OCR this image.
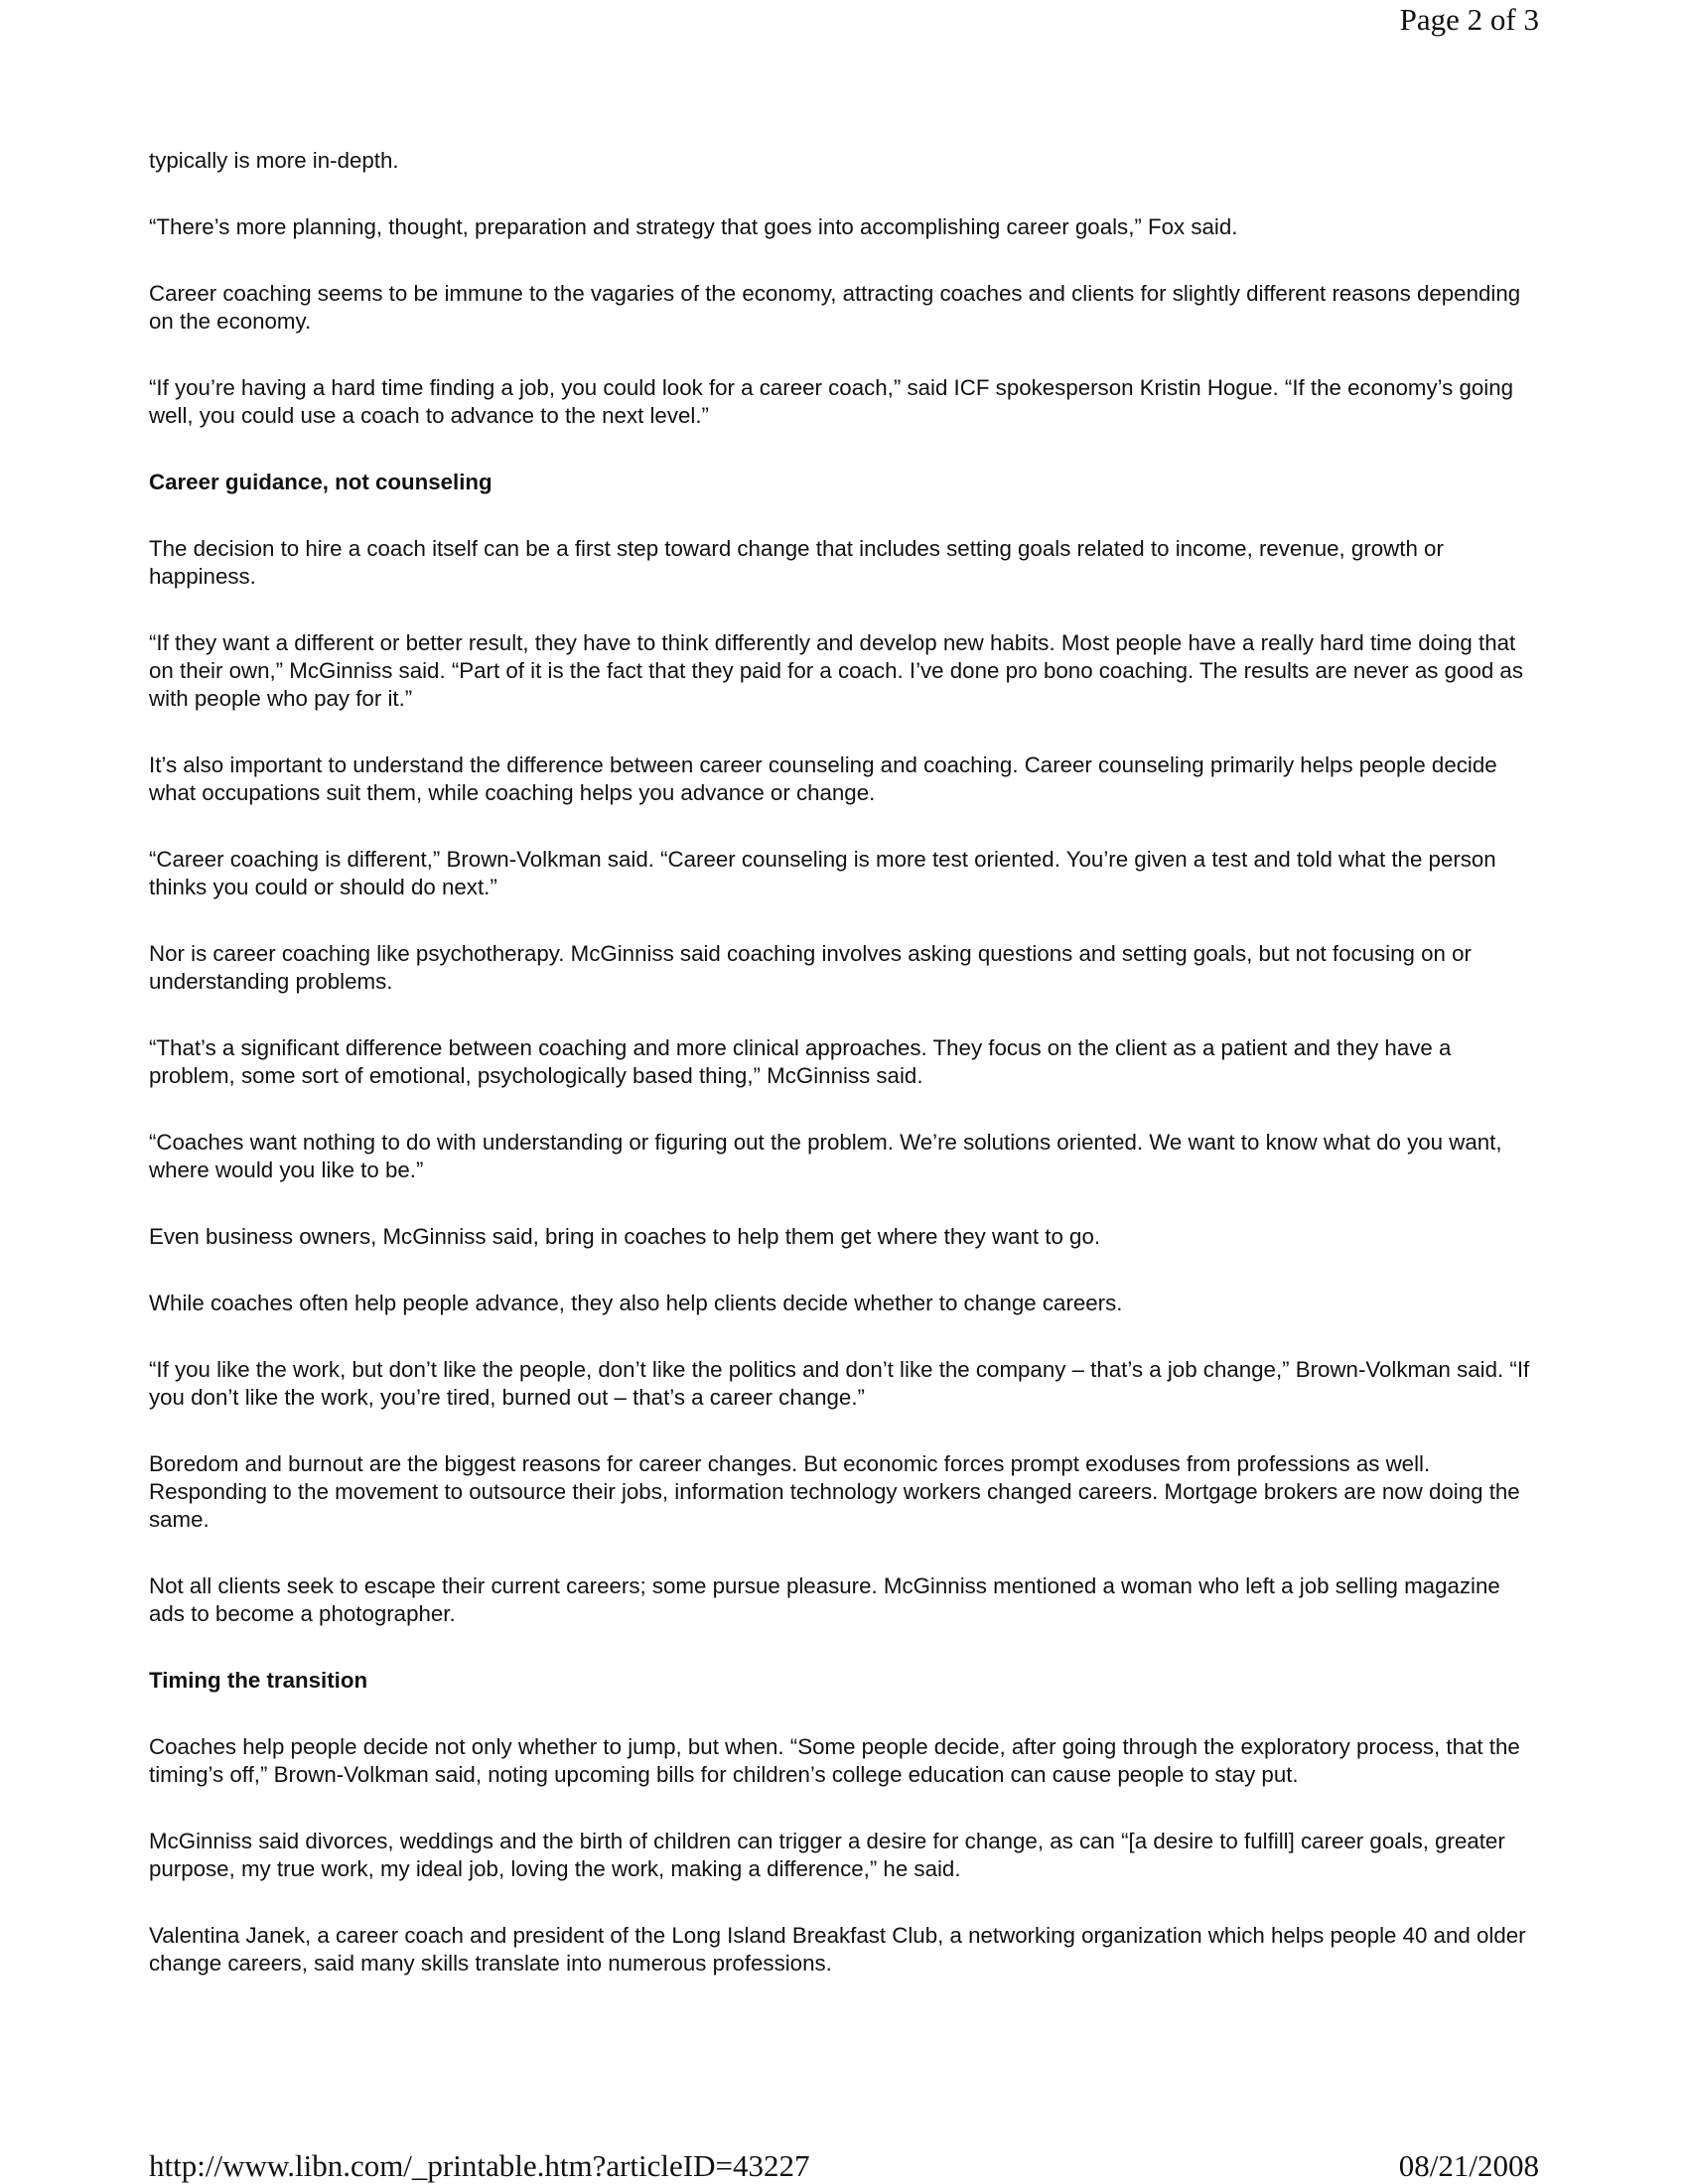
Page 2 of 3

typically is more in-depth.

“There’s more planning, thought, preparation and strategy that goes into accomplishing career goals,” Fox said.

Career coaching seems to be immune to the vagaries of the economy, attracting coaches and clients for slightly different reasons depending on the economy.

“If you’re having a hard time finding a job, you could look for a career coach,” said ICF spokesperson Kristin Hogue. “If the economy’s going well, you could use a coach to advance to the next level.”

Career guidance, not counseling

The decision to hire a coach itself can be a first step toward change that includes setting goals related to income, revenue, growth or happiness.

“If they want a different or better result, they have to think differently and develop new habits. Most people have a really hard time doing that on their own,” McGinniss said. “Part of it is the fact that they paid for a coach. I’ve done pro bono coaching. The results are never as good as with people who pay for it.”

It’s also important to understand the difference between career counseling and coaching. Career counseling primarily helps people decide what occupations suit them, while coaching helps you advance or change.

“Career coaching is different,” Brown-Volkman said. “Career counseling is more test oriented. You’re given a test and told what the person thinks you could or should do next.”

Nor is career coaching like psychotherapy. McGinniss said coaching involves asking questions and setting goals, but not focusing on or understanding problems.

“That’s a significant difference between coaching and more clinical approaches. They focus on the client as a patient and they have a problem, some sort of emotional, psychologically based thing,” McGinniss said.

“Coaches want nothing to do with understanding or figuring out the problem. We’re solutions oriented. We want to know what do you want, where would you like to be.”

Even business owners, McGinniss said, bring in coaches to help them get where they want to go.

While coaches often help people advance, they also help clients decide whether to change careers.

“If you like the work, but don’t like the people, don’t like the politics and don’t like the company – that’s a job change,” Brown-Volkman said. “If you don’t like the work, you’re tired, burned out – that’s a career change.”

Boredom and burnout are the biggest reasons for career changes. But economic forces prompt exoduses from professions as well. Responding to the movement to outsource their jobs, information technology workers changed careers. Mortgage brokers are now doing the same.

Not all clients seek to escape their current careers; some pursue pleasure. McGinniss mentioned a woman who left a job selling magazine ads to become a photographer.

Timing the transition

Coaches help people decide not only whether to jump, but when. “Some people decide, after going through the exploratory process, that the timing’s off,” Brown-Volkman said, noting upcoming bills for children’s college education can cause people to stay put.

McGinniss said divorces, weddings and the birth of children can trigger a desire for change, as can “[a desire to fulfill] career goals, greater purpose, my true work, my ideal job, loving the work, making a difference,” he said.

Valentina Janek, a career coach and president of the Long Island Breakfast Club, a networking organization which helps people 40 and older change careers, said many skills translate into numerous professions.

http://www.libn.com/_printable.htm?articleID=43227	08/21/2008
